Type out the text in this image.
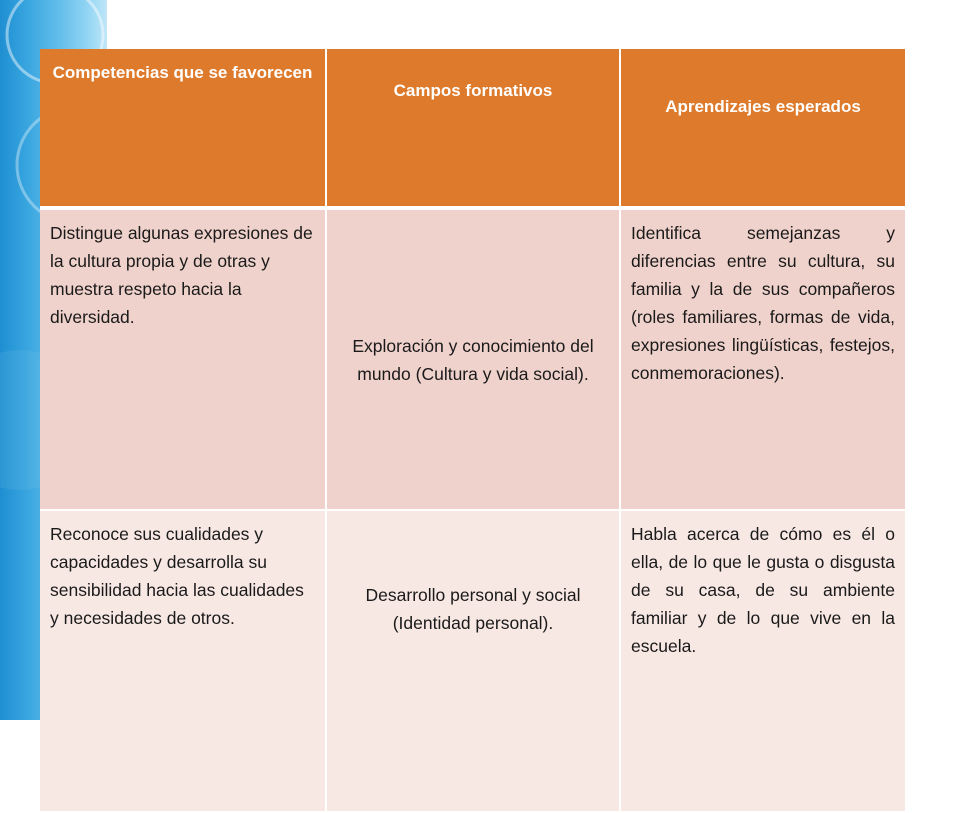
Competencias que se favorecen	Campos formativos	Aprendizajes esperados
Distingue algunas expresiones de la cultura propia y de otras y muestra respeto hacia la diversidad.	Exploración y conocimiento del mundo (Cultura y vida social).	Identifica semejanzas y diferencias entre su cultura, su familia y la de sus compañeros (roles familiares, formas de vida, expresiones lingüísticas, festejos, conmemoraciones).
Reconoce sus cualidades y capacidades y desarrolla su sensibilidad hacia las cualidades y necesidades de otros.	Desarrollo personal y social (Identidad personal).	Habla acerca de cómo es él o ella, de lo que le gusta o disgusta de su casa, de su ambiente familiar y de lo que vive en la escuela.
